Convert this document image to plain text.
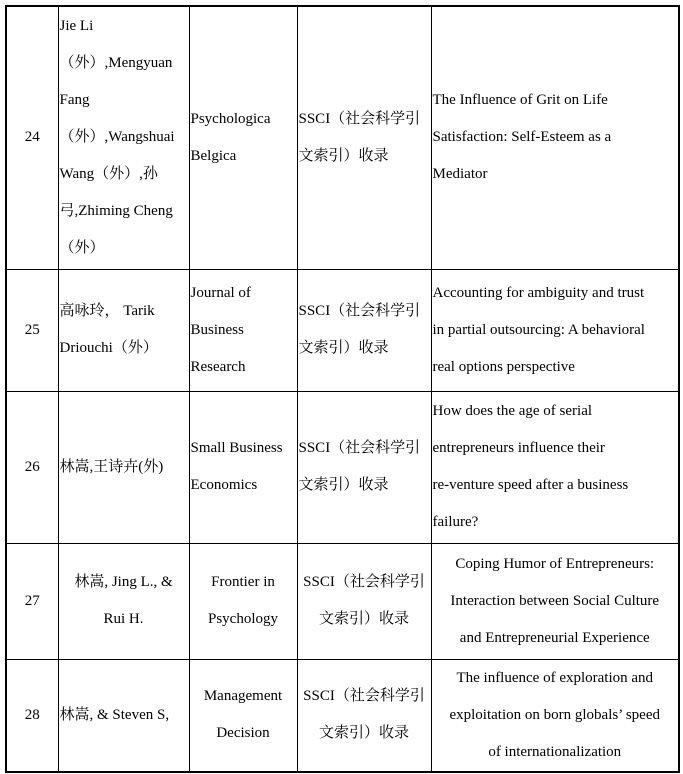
24	Jie Li
（外）,Mengyuan
Fang
（外）,Wangshuai
Wang（外）,孙
弓,Zhiming Cheng
（外）	Psychologica
Belgica	SSCI（社会科学引
文索引）收录	The Influence of Grit on Life
Satisfaction: Self-Esteem as a
Mediator
25	高咏玲， Tarik
Driouchi（外）	Journal of
Business
Research	SSCI（社会科学引
文索引）收录	Accounting for ambiguity and trust
in partial outsourcing: A behavioral
real options perspective
26	林嵩,王诗卉(外)	Small Business
Economics	SSCI（社会科学引
文索引）收录	How does the age of serial
entrepreneurs influence their
re-venture speed after a business
failure?
27	林嵩, Jing L., &
Rui H.	Frontier in
Psychology	SSCI（社会科学引
文索引）收录	Coping Humor of Entrepreneurs:
Interaction between Social Culture
and Entrepreneurial Experience
28	林嵩, & Steven S,	Management
Decision	SSCI（社会科学引
文索引）收录	The influence of exploration and
exploitation on born globals’ speed
of internationalization
